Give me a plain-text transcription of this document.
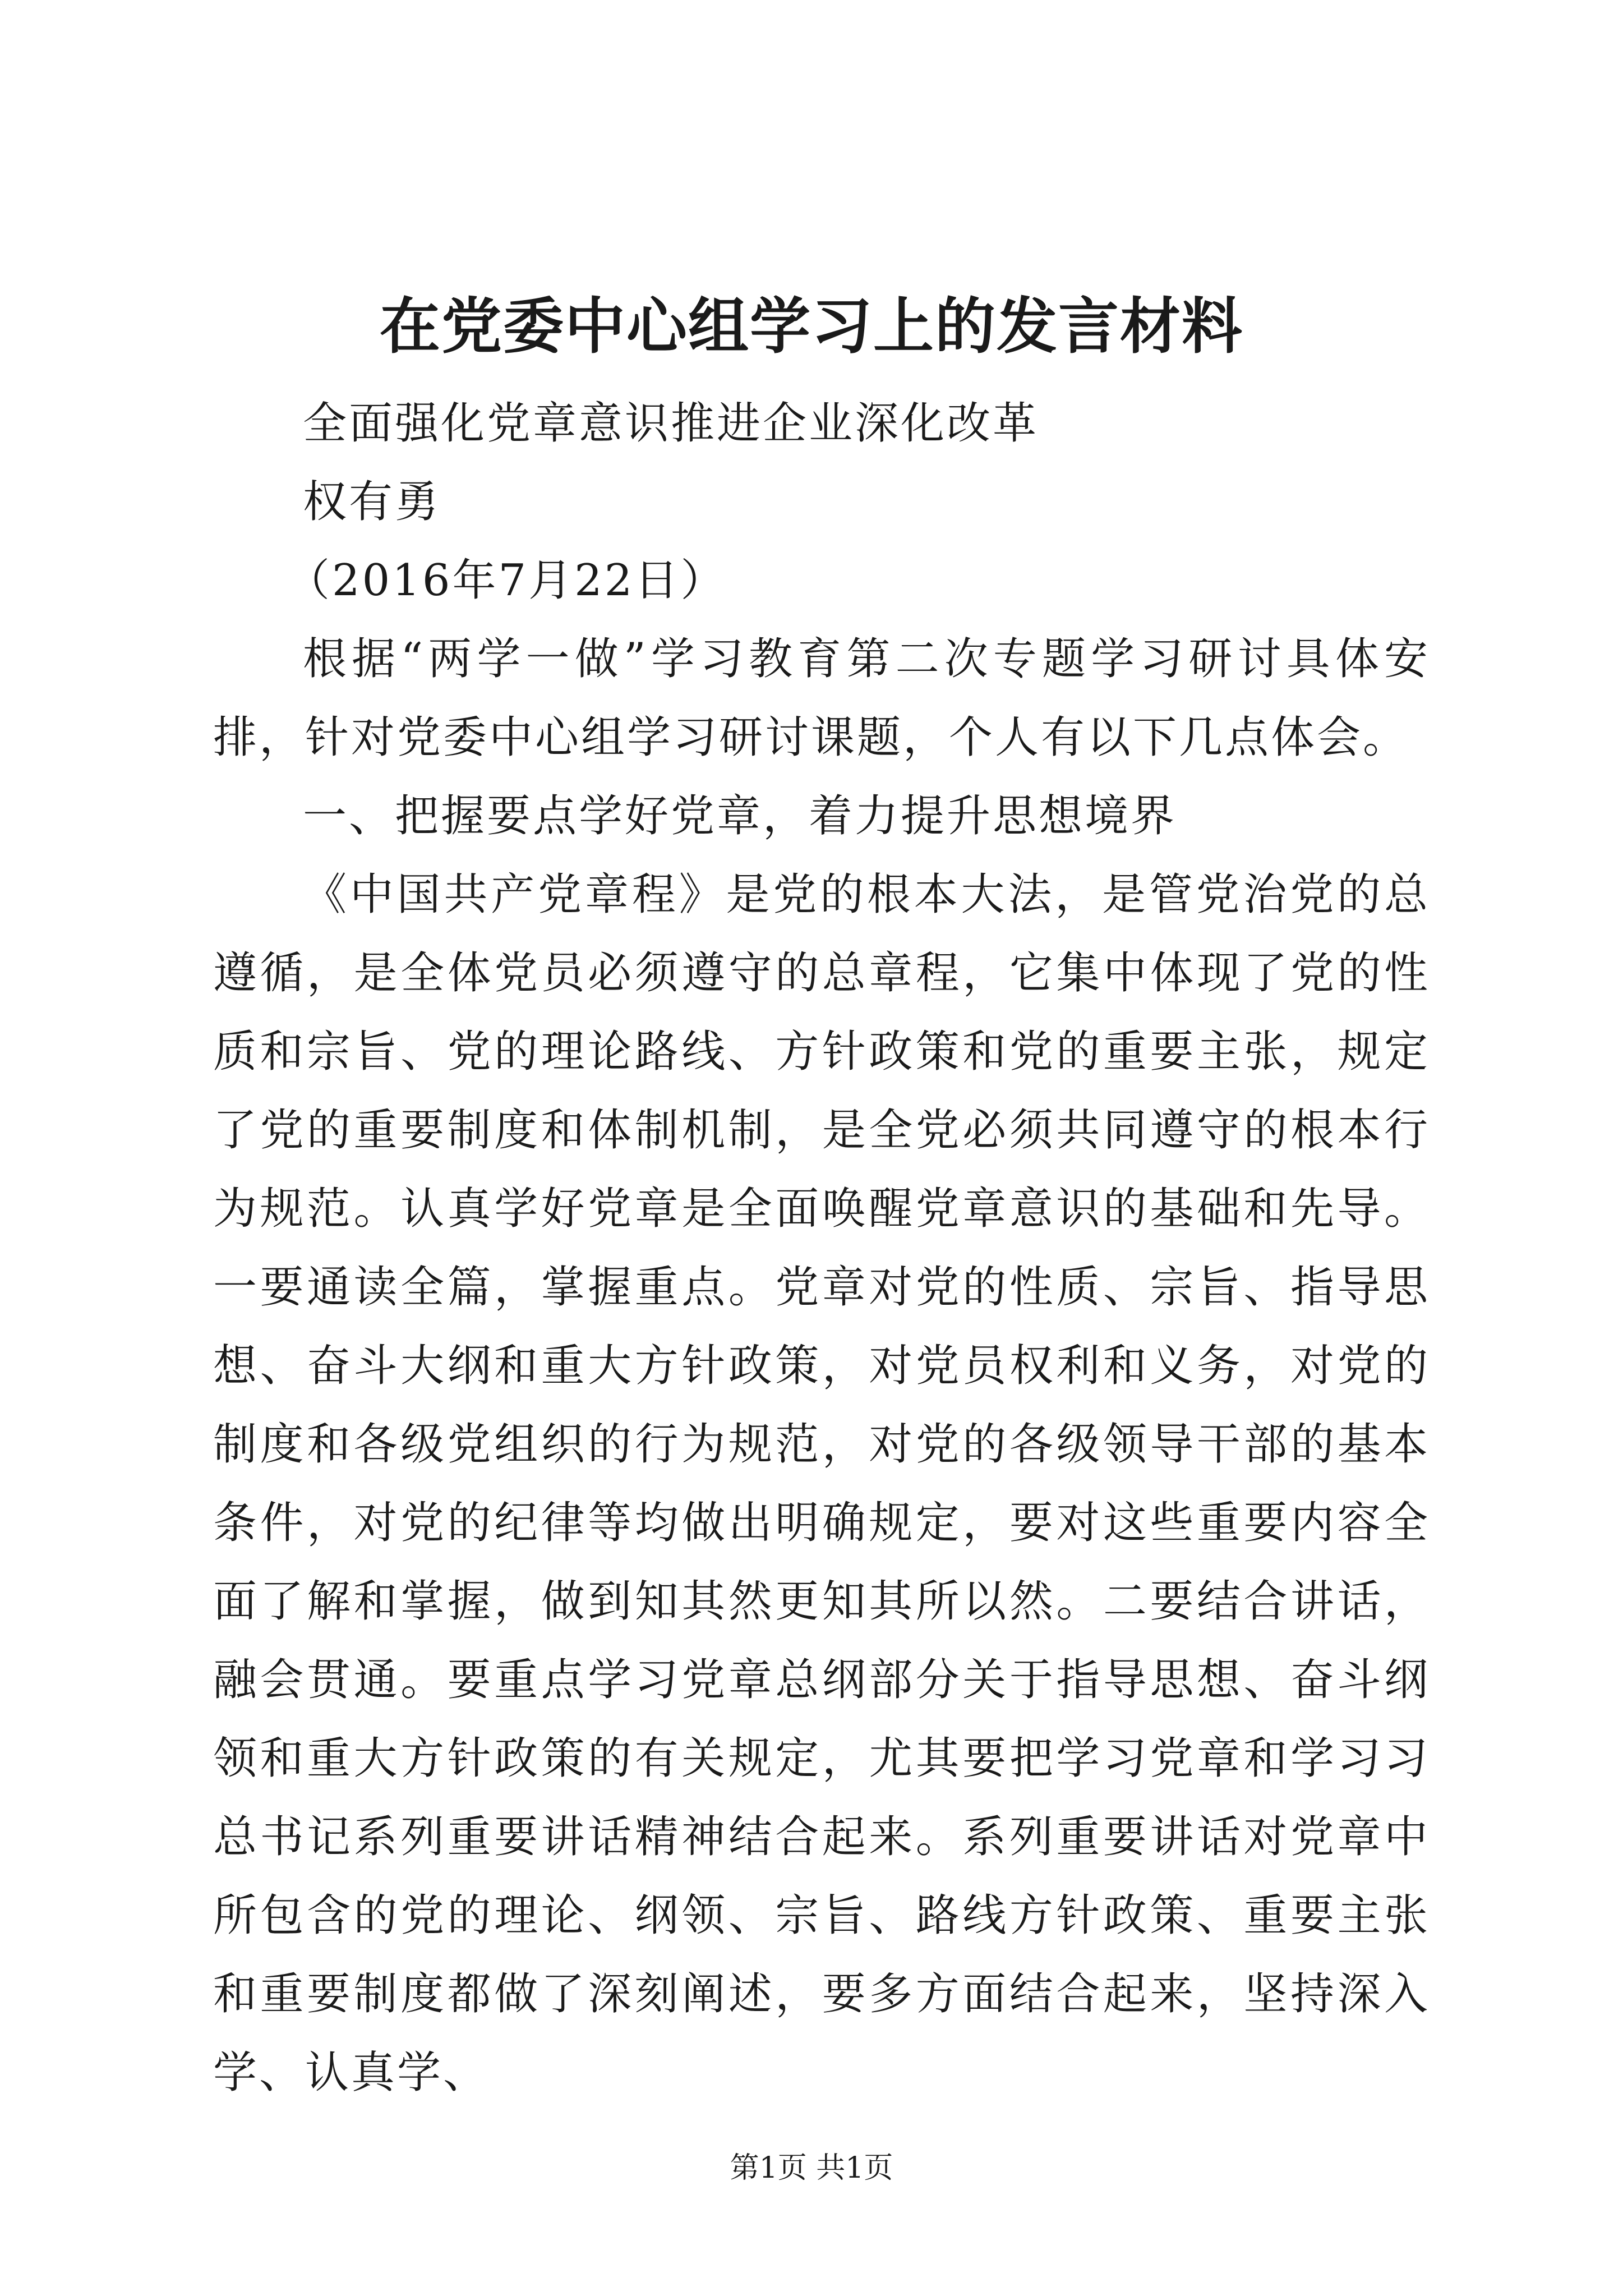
在党委中心组学习上的发言材料

全面强化党章意识推进企业深化改革

权有勇

（2016年7月22日）

根据“两学一做”学习教育第二次专题学习研讨具体安排，针对党委中心组学习研讨课题，个人有以下几点体会。

一、把握要点学好党章，着力提升思想境界

《中国共产党章程》是党的根本大法，是管党治党的总遵循，是全体党员必须遵守的总章程，它集中体现了党的性质和宗旨、党的理论路线、方针政策和党的重要主张，规定了党的重要制度和体制机制，是全党必须共同遵守的根本行为规范。认真学好党章是全面唤醒党章意识的基础和先导。一要通读全篇，掌握重点。党章对党的性质、宗旨、指导思想、奋斗大纲和重大方针政策，对党员权利和义务，对党的制度和各级党组织的行为规范，对党的各级领导干部的基本条件，对党的纪律等均做出明确规定，要对这些重要内容全面了解和掌握，做到知其然更知其所以然。二要结合讲话，融会贯通。要重点学习党章总纲部分关于指导思想、奋斗纲领和重大方针政策的有关规定，尤其要把学习党章和学习习总书记系列重要讲话精神结合起来。系列重要讲话对党章中所包含的党的理论、纲领、宗旨、路线方针政策、重要主张和重要制度都做了深刻阐述，要多方面结合起来，坚持深入学、认真学、

第1页 共1页
